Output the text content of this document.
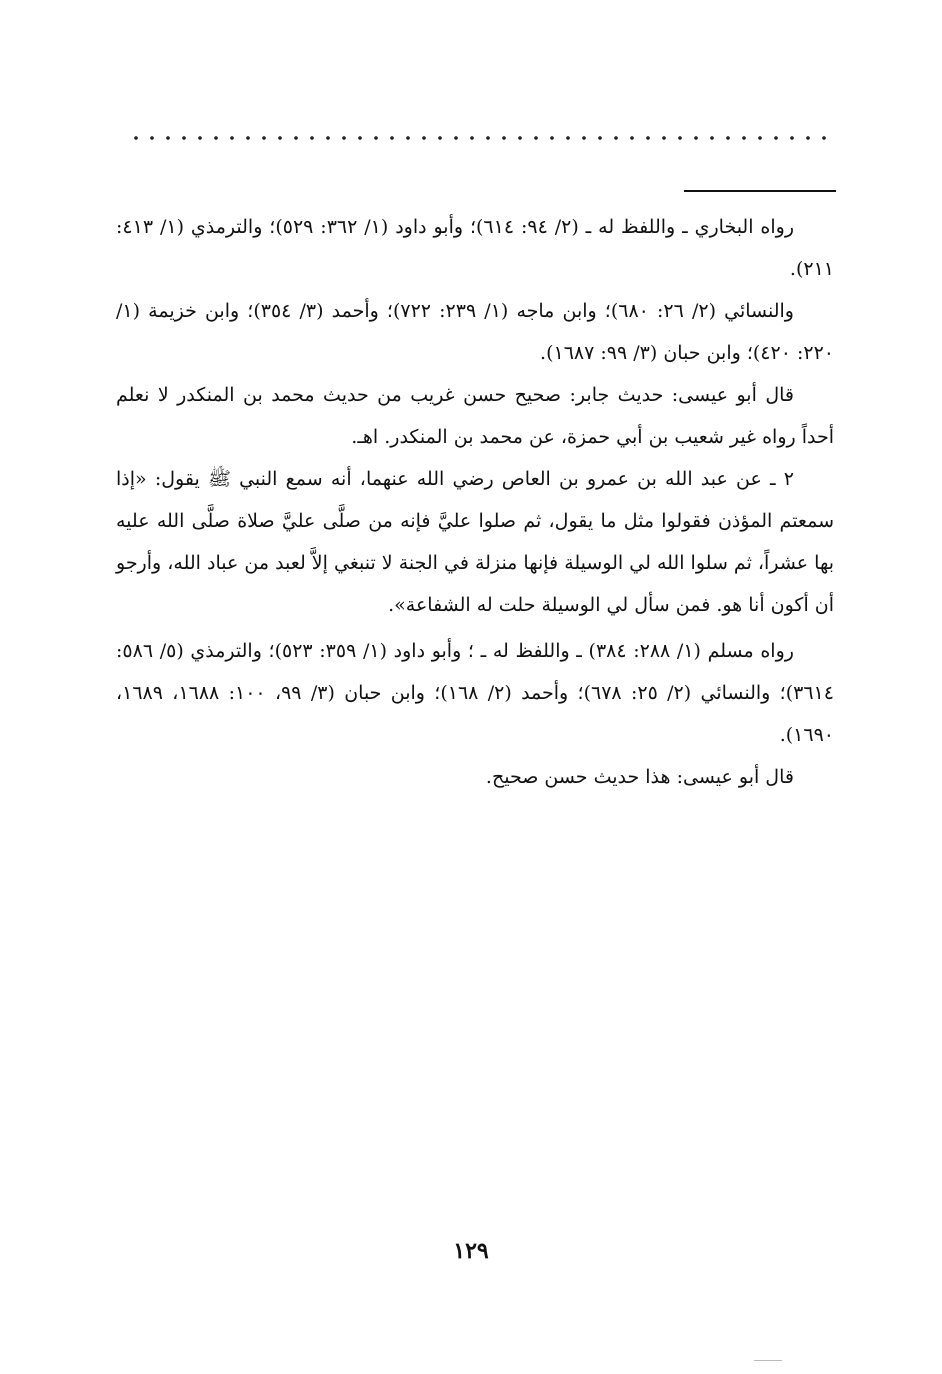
رواه البخاري ـ واللفظ له ـ (٢/ ٩٤: ٦١٤)؛ وأبو داود (١/ ٣٦٢: ٥٢٩)؛ والترمذي (١/ ٤١٣: ٢١١).

والنسائي (٢/ ٢٦: ٦٨٠)؛ وابن ماجه (١/ ٢٣٩: ٧٢٢)؛ وأحمد (٣/ ٣٥٤)؛ وابن خزيمة (١/ ٢٢٠: ٤٢٠)؛ وابن حبان (٣/ ٩٩: ١٦٨٧).

قال أبو عيسى: حديث جابر: صحيح حسن غريب من حديث محمد بن المنكدر لا نعلم أحداً رواه غير شعيب بن أبي حمزة، عن محمد بن المنكدر. اهـ.

٢ ـ عن عبد الله بن عمرو بن العاص رضي الله عنهما، أنه سمع النبي ﷺ يقول: «إذا سمعتم المؤذن فقولوا مثل ما يقول، ثم صلوا عليَّ فإنه من صلَّى عليَّ صلاة صلَّى الله عليه بها عشراً، ثم سلوا الله لي الوسيلة فإنها منزلة في الجنة لا تنبغي إلاَّ لعبد من عباد الله، وأرجو أن أكون أنا هو. فمن سأل لي الوسيلة حلت له الشفاعة».

رواه مسلم (١/ ٢٨٨: ٣٨٤) ـ واللفظ له ـ ؛ وأبو داود (١/ ٣٥٩: ٥٢٣)؛ والترمذي (٥/ ٥٨٦: ٣٦١٤)؛ والنسائي (٢/ ٢٥: ٦٧٨)؛ وأحمد (٢/ ١٦٨)؛ وابن حبان (٣/ ٩٩، ١٠٠: ١٦٨٨، ١٦٨٩، ١٦٩٠).

قال أبو عيسى: هذا حديث حسن صحيح.

١٢٩
